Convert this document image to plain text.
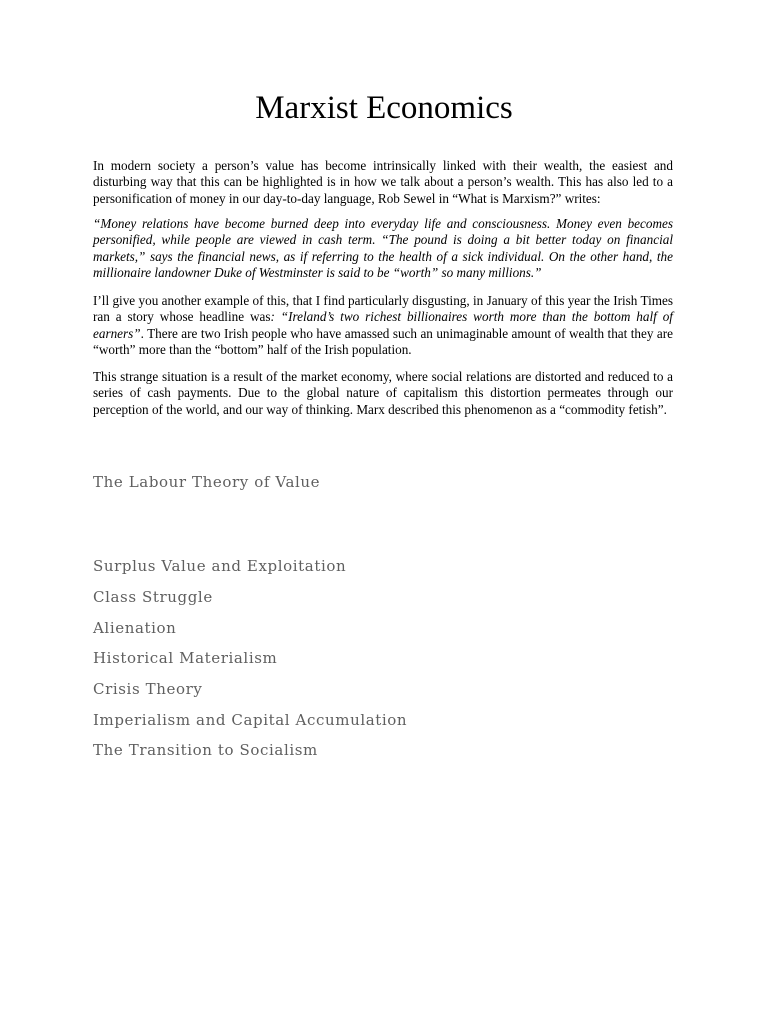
Marxist Economics
In modern society a person’s value has become intrinsically linked with their wealth, the easiest and disturbing way that this can be highlighted is in how we talk about a person’s wealth. This has also led to a personification of money in our day-to-day language, Rob Sewel in “What is Marxism?” writes:
“Money relations have become burned deep into everyday life and consciousness. Money even becomes personified, while people are viewed in cash term. “The pound is doing a bit better today on financial markets,” says the financial news, as if referring to the health of a sick individual. On the other hand, the millionaire landowner Duke of Westminster is said to be “worth” so many millions.”
I’ll give you another example of this, that I find particularly disgusting, in January of this year the Irish Times ran a story whose headline was: “Ireland’s two richest billionaires worth more than the bottom half of earners”. There are two Irish people who have amassed such an unimaginable amount of wealth that they are “worth” more than the “bottom” half of the Irish population.
This strange situation is a result of the market economy, where social relations are distorted and reduced to a series of cash payments. Due to the global nature of capitalism this distortion permeates through our perception of the world, and our way of thinking. Marx described this phenomenon as a “commodity fetish”.
The Labour Theory of Value
Surplus Value and Exploitation
Class Struggle
Alienation
Historical Materialism
Crisis Theory
Imperialism and Capital Accumulation
The Transition to Socialism
